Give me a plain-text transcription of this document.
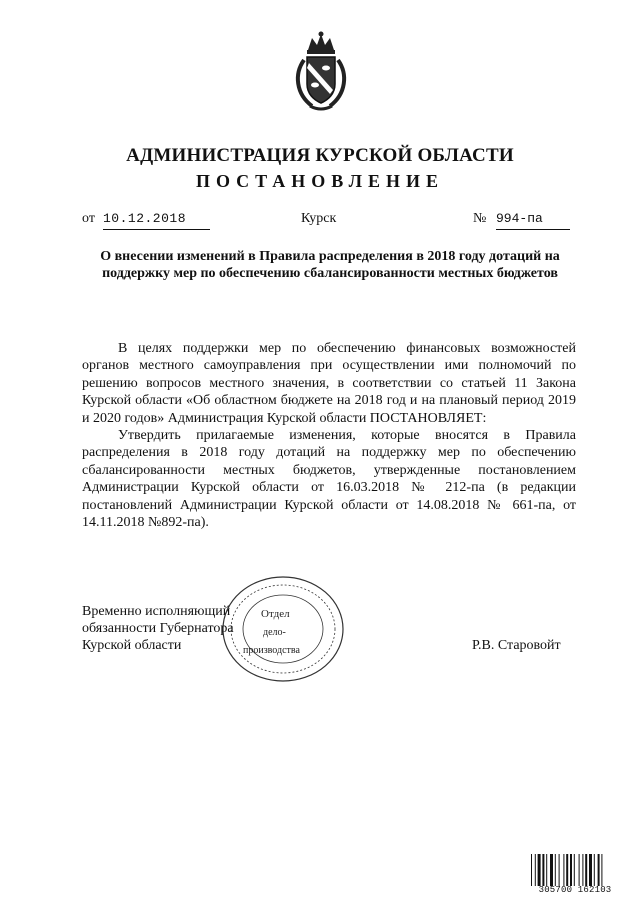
АДМИНИСТРАЦИЯ КУРСКОЙ ОБЛАСТИ
ПОСТАНОВЛЕНИЕ
от 10.12.2018	Курск	№ 994-па
О внесении изменений в Правила распределения в 2018 году дотаций на поддержку мер по обеспечению сбалансированности местных бюджетов

В целях поддержки мер по обеспечению финансовых возможностей органов местного самоуправления при осуществлении ими полномочий по решению вопросов местного значения, в соответствии со статьей 11 Закона Курской области «Об областном бюджете на 2018 год и на плановый период 2019 и 2020 годов» Администрация Курской области ПОСТАНОВЛЯЕТ:

Утвердить прилагаемые изменения, которые вносятся в Правила распределения в 2018 году дотаций на поддержку мер по обеспечению сбалансированности местных бюджетов, утвержденные постановлением Администрации Курской области от 16.03.2018 № 212-па (в редакции постановлений Администрации Курской области от 14.08.2018 № 661-па, от 14.11.2018 №892-па).

Временно исполняющий
обязанности Губернатора
Курской области	Р.В. Старовойт
Отдел
дело-
производства
305700 162103
